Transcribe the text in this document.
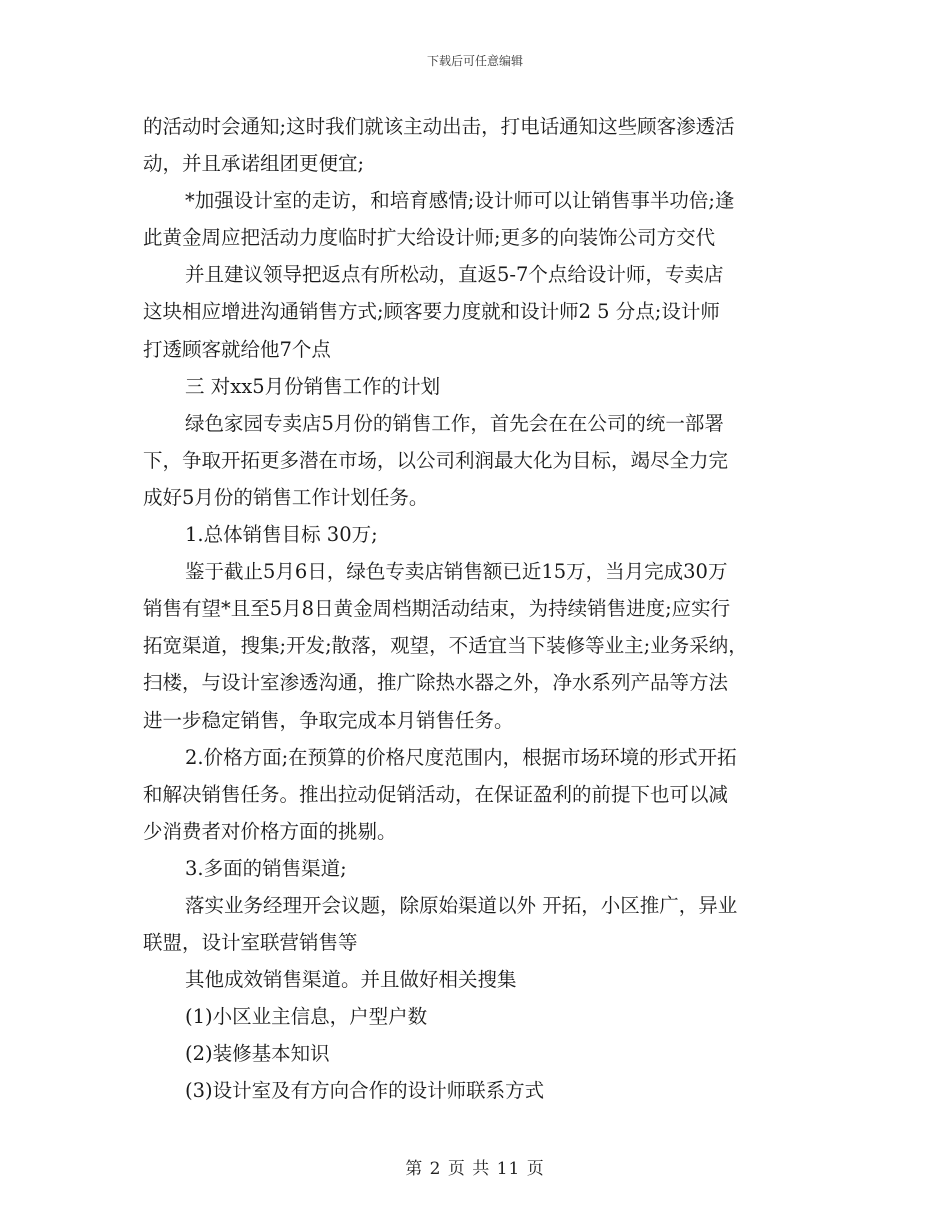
下载后可任意编辑

的活动时会通知;这时我们就该主动出击，打电话通知这些顾客渗透活

动，并且承诺组团更便宜;

*加强设计室的走访，和培育感情;设计师可以让销售事半功倍;逢

此黄金周应把活动力度临时扩大给设计师;更多的向装饰公司方交代

并且建议领导把返点有所松动，直返5-7个点给设计师，专卖店

这块相应增进沟通销售方式;顾客要力度就和设计师2 5 分点;设计师

打透顾客就给他7个点

三 对xx5月份销售工作的计划

绿色家园专卖店5月份的销售工作，首先会在在公司的统一部署

下，争取开拓更多潜在市场，以公司利润最大化为目标，竭尽全力完

成好5月份的销售工作计划任务。

1.总体销售目标 30万;

鉴于截止5月6日，绿色专卖店销售额已近15万，当月完成30万

销售有望*且至5月8日黄金周档期活动结束，为持续销售进度;应实行

拓宽渠道，搜集;开发;散落，观望，不适宜当下装修等业主;业务采纳，

扫楼，与设计室渗透沟通，推广除热水器之外，净水系列产品等方法

进一步稳定销售，争取完成本月销售任务。

2.价格方面;在预算的价格尺度范围内，根据市场环境的形式开拓

和解决销售任务。推出拉动促销活动，在保证盈利的前提下也可以减

少消费者对价格方面的挑剔。

3.多面的销售渠道;

落实业务经理开会议题，除原始渠道以外 开拓，小区推广，异业

联盟，设计室联营销售等

其他成效销售渠道。并且做好相关搜集

(1)小区业主信息，户型户数

(2)装修基本知识

(3)设计室及有方向合作的设计师联系方式

第 2 页 共 11 页
